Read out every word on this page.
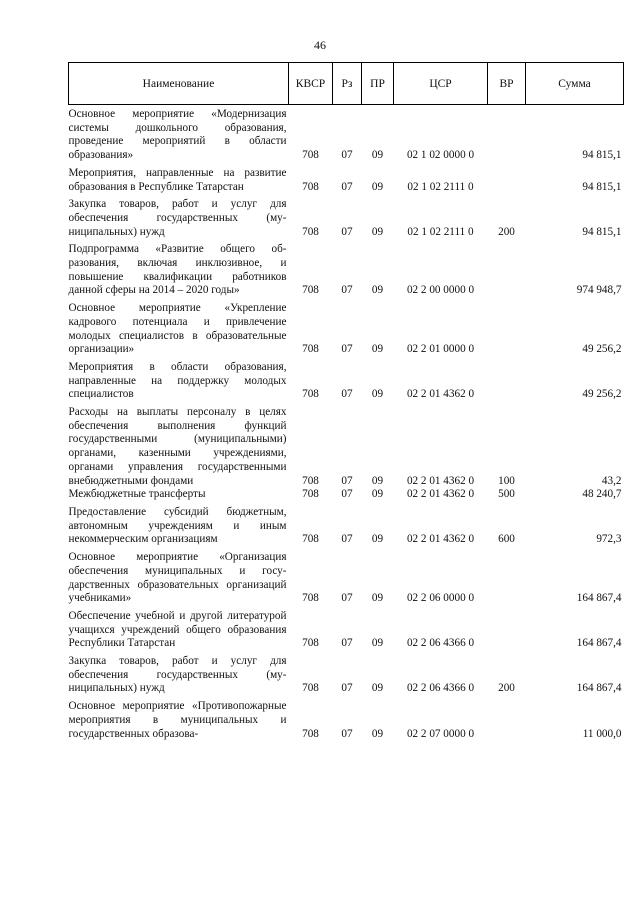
46
Наименование	КВСР	Рз	ПР	ЦСР	ВР	Сумма
Основное мероприятие «Модернизация системы дошкольного образования, проведение мероприятий в области образования»	708	07	09	02 1 02 0000 0		94 815,1
Мероприятия, направленные на развитие образования в Республике Татарстан	708	07	09	02 1 02 2111 0		94 815,1
Закупка товаров, работ и услуг для обеспечения государственных (муниципальных) нужд	708	07	09	02 1 02 2111 0	200	94 815,1
Подпрограмма «Развитие общего образования, включая инклюзивное, и повышение квалификации работников данной сферы на 2014 – 2020 годы»	708	07	09	02 2 00 0000 0		974 948,7
Основное мероприятие «Укрепление кадрового потенциала и привлечение молодых специалистов в образовательные организации»	708	07	09	02 2 01 0000 0		49 256,2
Мероприятия в области образования, направленные на поддержку молодых специалистов	708	07	09	02 2 01 4362 0		49 256,2
Расходы на выплаты персоналу в целях обеспечения выполнения функций государственными (муниципальными) органами, казенными учреждениями, органами управления государственными внебюджетными фондами	708	07	09	02 2 01 4362 0	100	43,2
Межбюджетные трансферты	708	07	09	02 2 01 4362 0	500	48 240,7
Предоставление субсидий бюджетным, автономным учреждениям и иным некоммерческим организациям	708	07	09	02 2 01 4362 0	600	972,3
Основное мероприятие «Организация обеспечения муниципальных и государственных образовательных организаций учебниками»	708	07	09	02 2 06 0000 0		164 867,4
Обеспечение учебной и другой литературой учащихся учреждений общего образования Республики Татарстан	708	07	09	02 2 06 4366 0		164 867,4
Закупка товаров, работ и услуг для обеспечения государственных (муниципальных) нужд	708	07	09	02 2 06 4366 0	200	164 867,4
Основное мероприятие «Противопожарные мероприятия в муниципальных и государственных образова-	708	07	09	02 2 07 0000 0		11 000,0
